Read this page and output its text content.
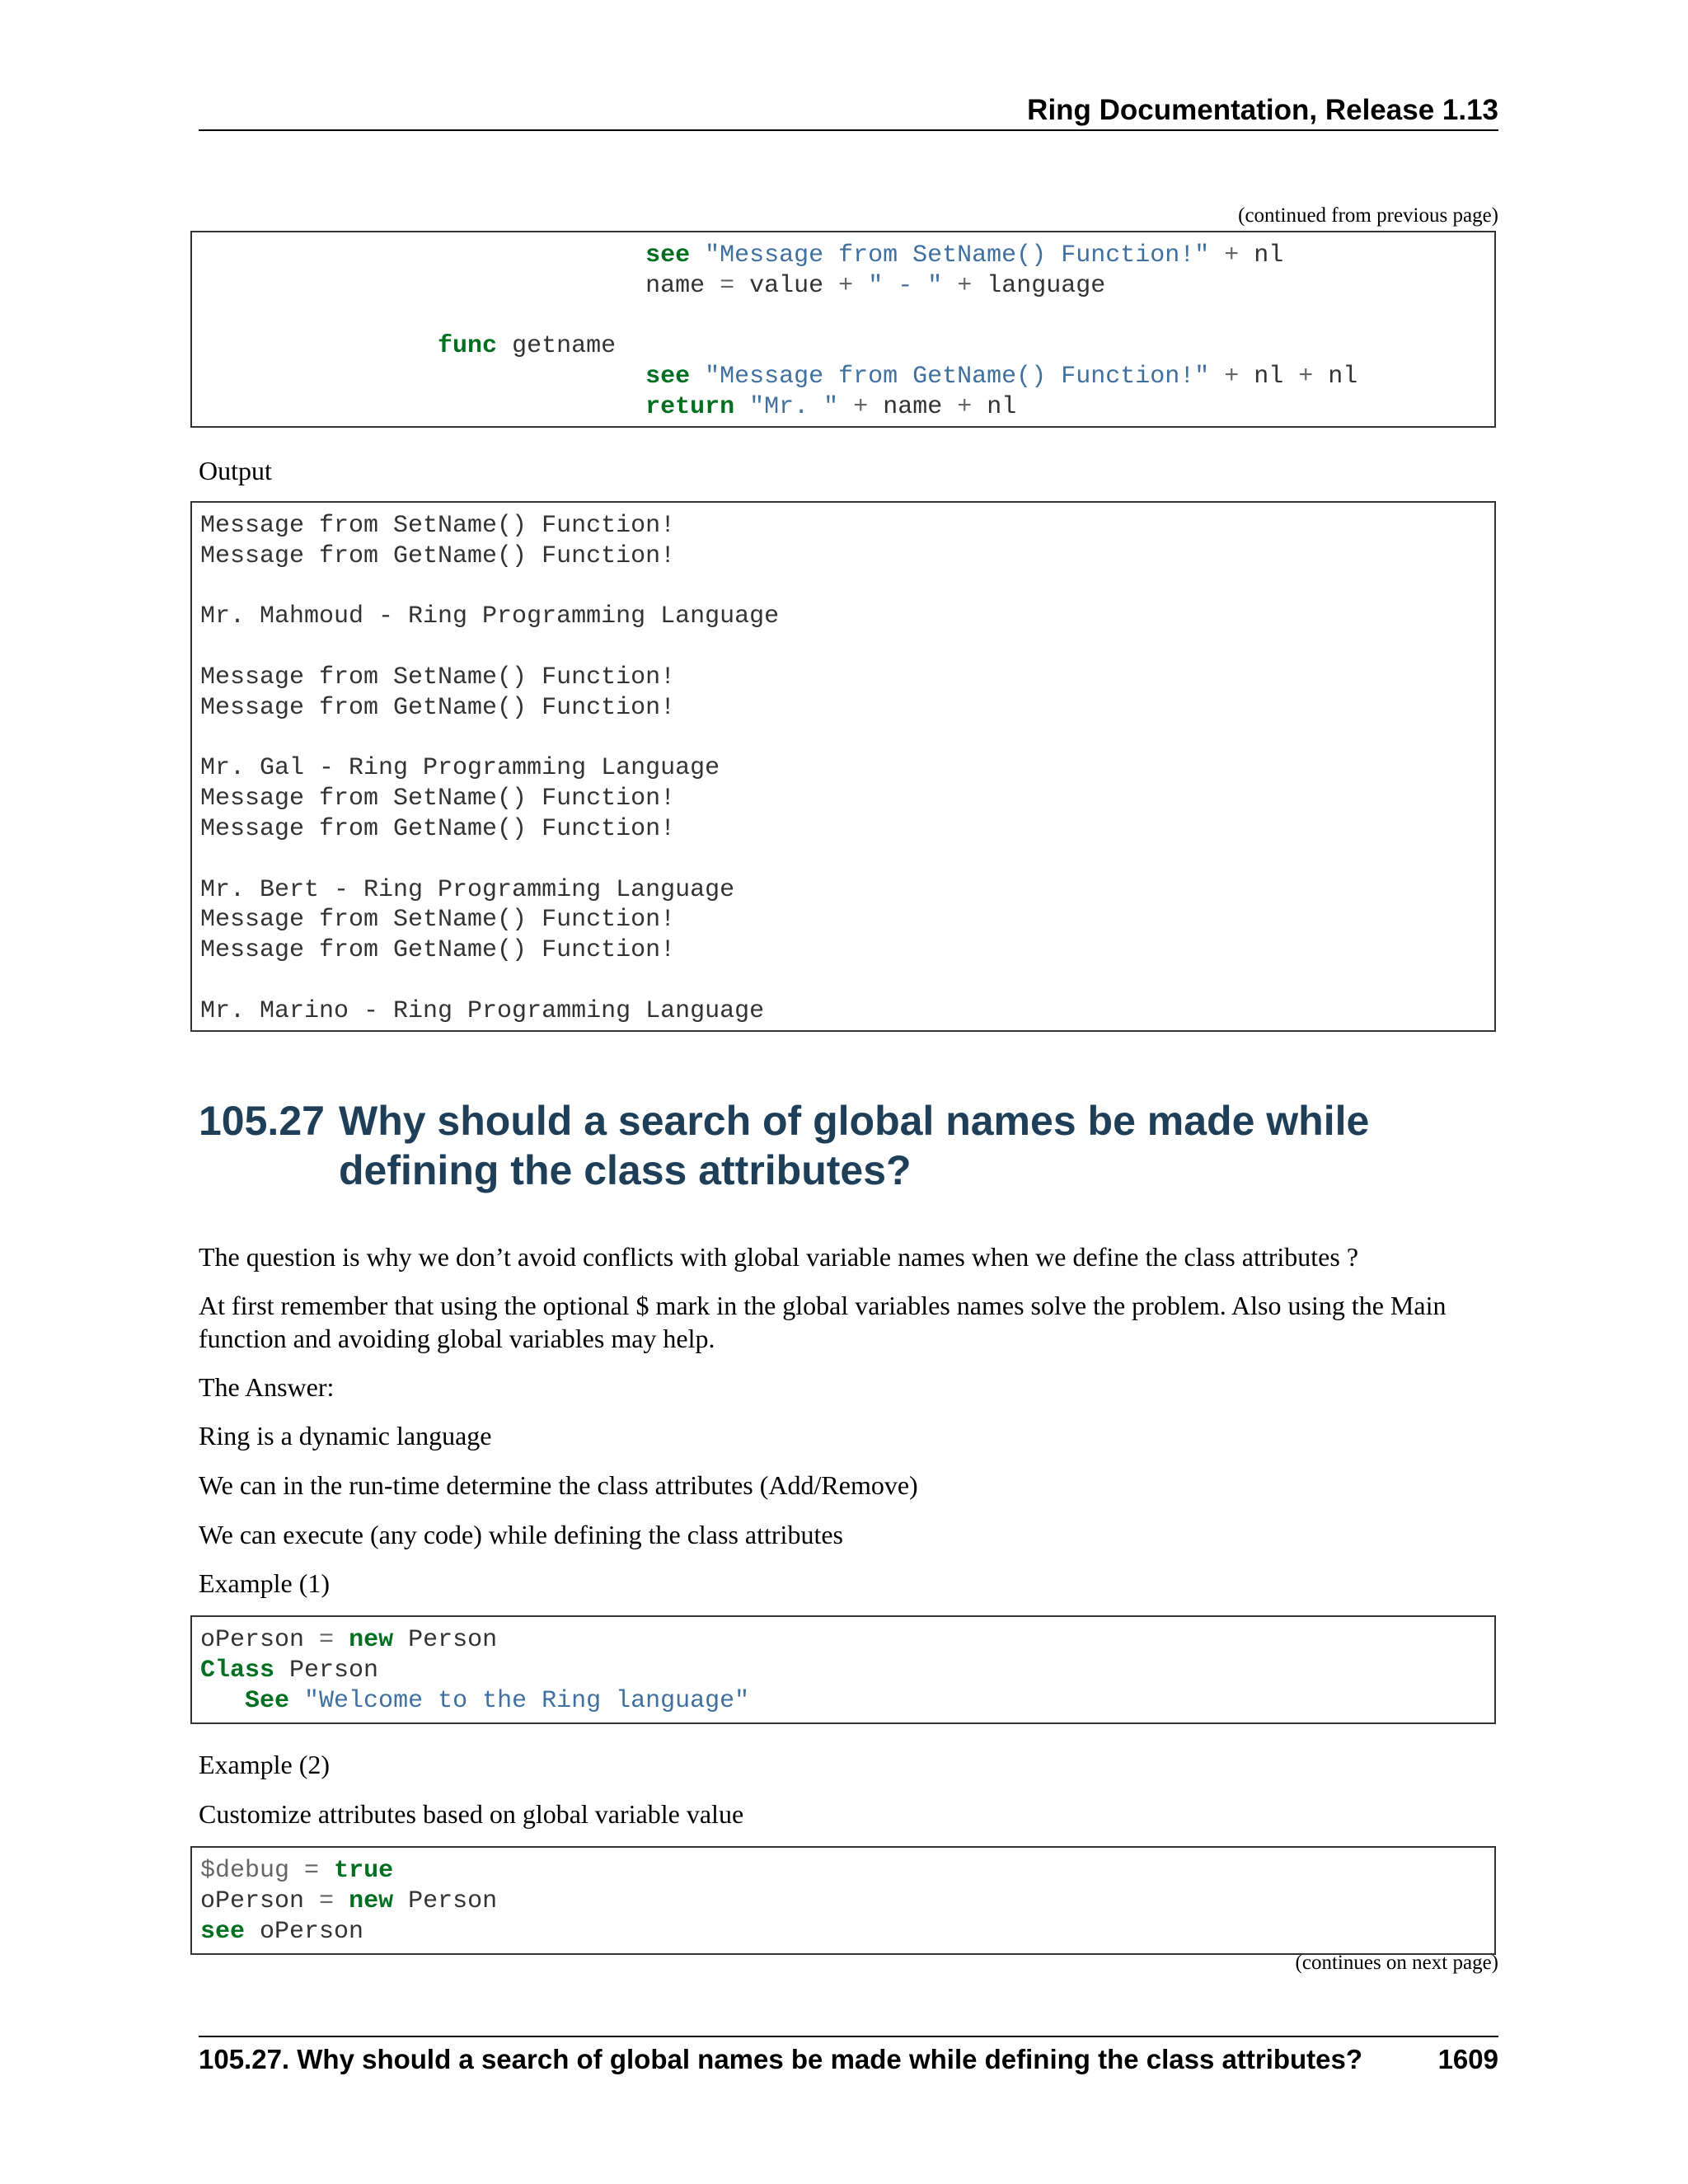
Ring Documentation, Release 1.13
(continued from previous page)
see "Message from SetName() Function!" + nl
name = value + " - " + language

func getname
see "Message from GetName() Function!" + nl + nl
return "Mr. " + name + nl

Output

Message from SetName() Function!
Message from GetName() Function!

Mr. Mahmoud - Ring Programming Language

Message from SetName() Function!
Message from GetName() Function!

Mr. Gal - Ring Programming Language
Message from SetName() Function!
Message from GetName() Function!

Mr. Bert - Ring Programming Language
Message from SetName() Function!
Message from GetName() Function!

Mr. Marino - Ring Programming Language
105.27 Why should a search of global names be made while defining the class attributes?

The question is why we don’t avoid conflicts with global variable names when we define the class attributes ?

At first remember that using the optional $ mark in the global variables names solve the problem. Also using the Main function and avoiding global variables may help.

The Answer:

Ring is a dynamic language

We can in the run-time determine the class attributes (Add/Remove)

We can execute (any code) while defining the class attributes

Example (1)

oPerson = new Person
Class Person
See "Welcome to the Ring language"

Example (2)

Customize attributes based on global variable value

$debug = true
oPerson = new Person
see oPerson
(continues on next page)
105.27. Why should a search of global names be made while defining the class attributes?	1609
